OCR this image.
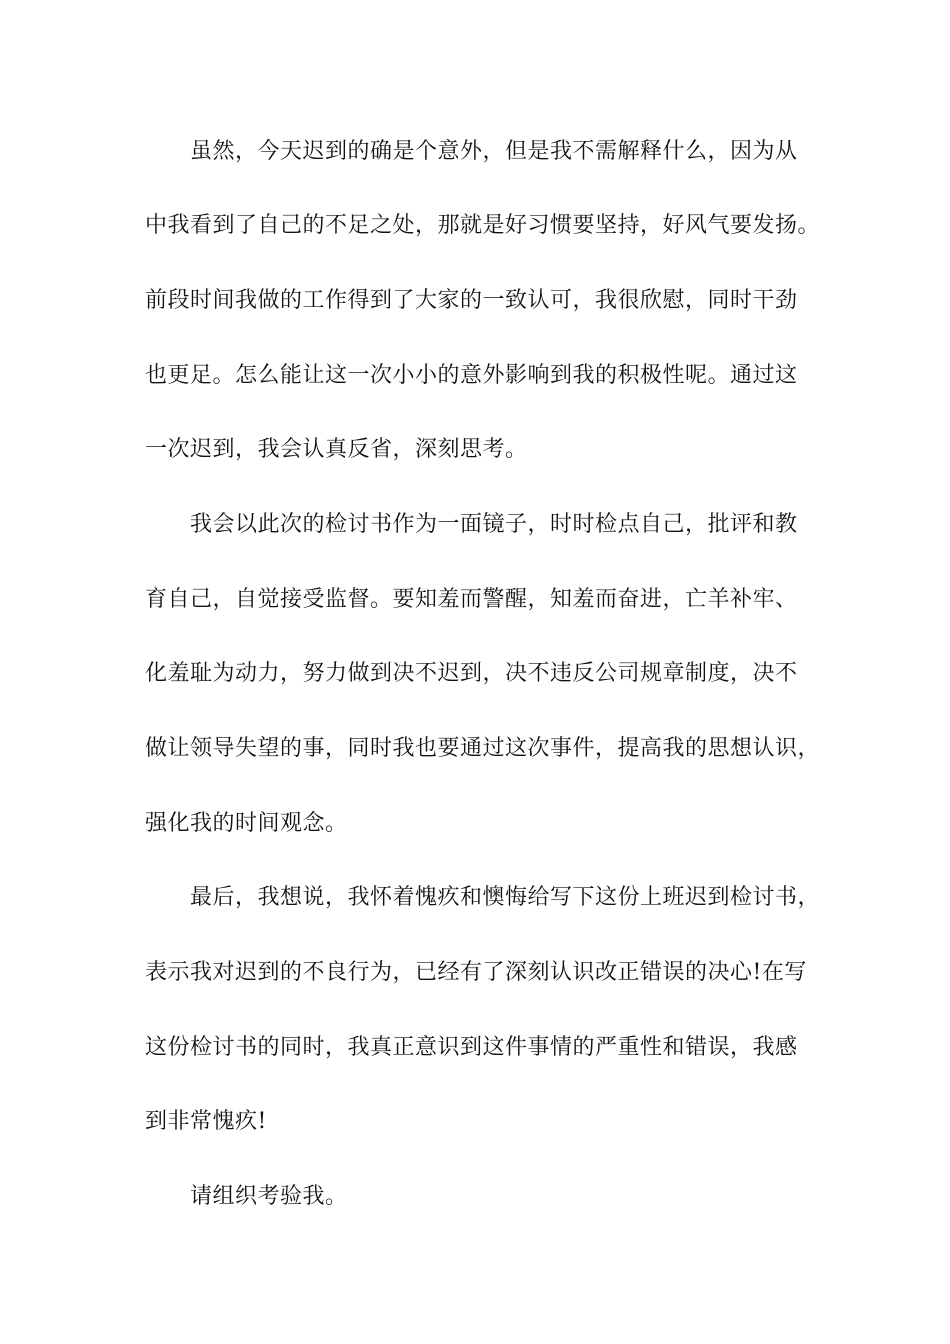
虽然，今天迟到的确是个意外，但是我不需解释什么，因为从
中我看到了自己的不足之处，那就是好习惯要坚持，好风气要发扬。
前段时间我做的工作得到了大家的一致认可，我很欣慰，同时干劲
也更足。怎么能让这一次小小的意外影响到我的积极性呢。通过这
一次迟到，我会认真反省，深刻思考。
我会以此次的检讨书作为一面镜子，时时检点自己，批评和教
育自己，自觉接受监督。要知羞而警醒，知羞而奋进，亡羊补牢、
化羞耻为动力，努力做到决不迟到，决不违反公司规章制度，决不
做让领导失望的事，同时我也要通过这次事件，提高我的思想认识，
强化我的时间观念。
最后，我想说，我怀着愧疚和懊悔给写下这份上班迟到检讨书，
表示我对迟到的不良行为，已经有了深刻认识改正错误的决心!在写
这份检讨书的同时，我真正意识到这件事情的严重性和错误，我感
到非常愧疚!
请组织考验我。
